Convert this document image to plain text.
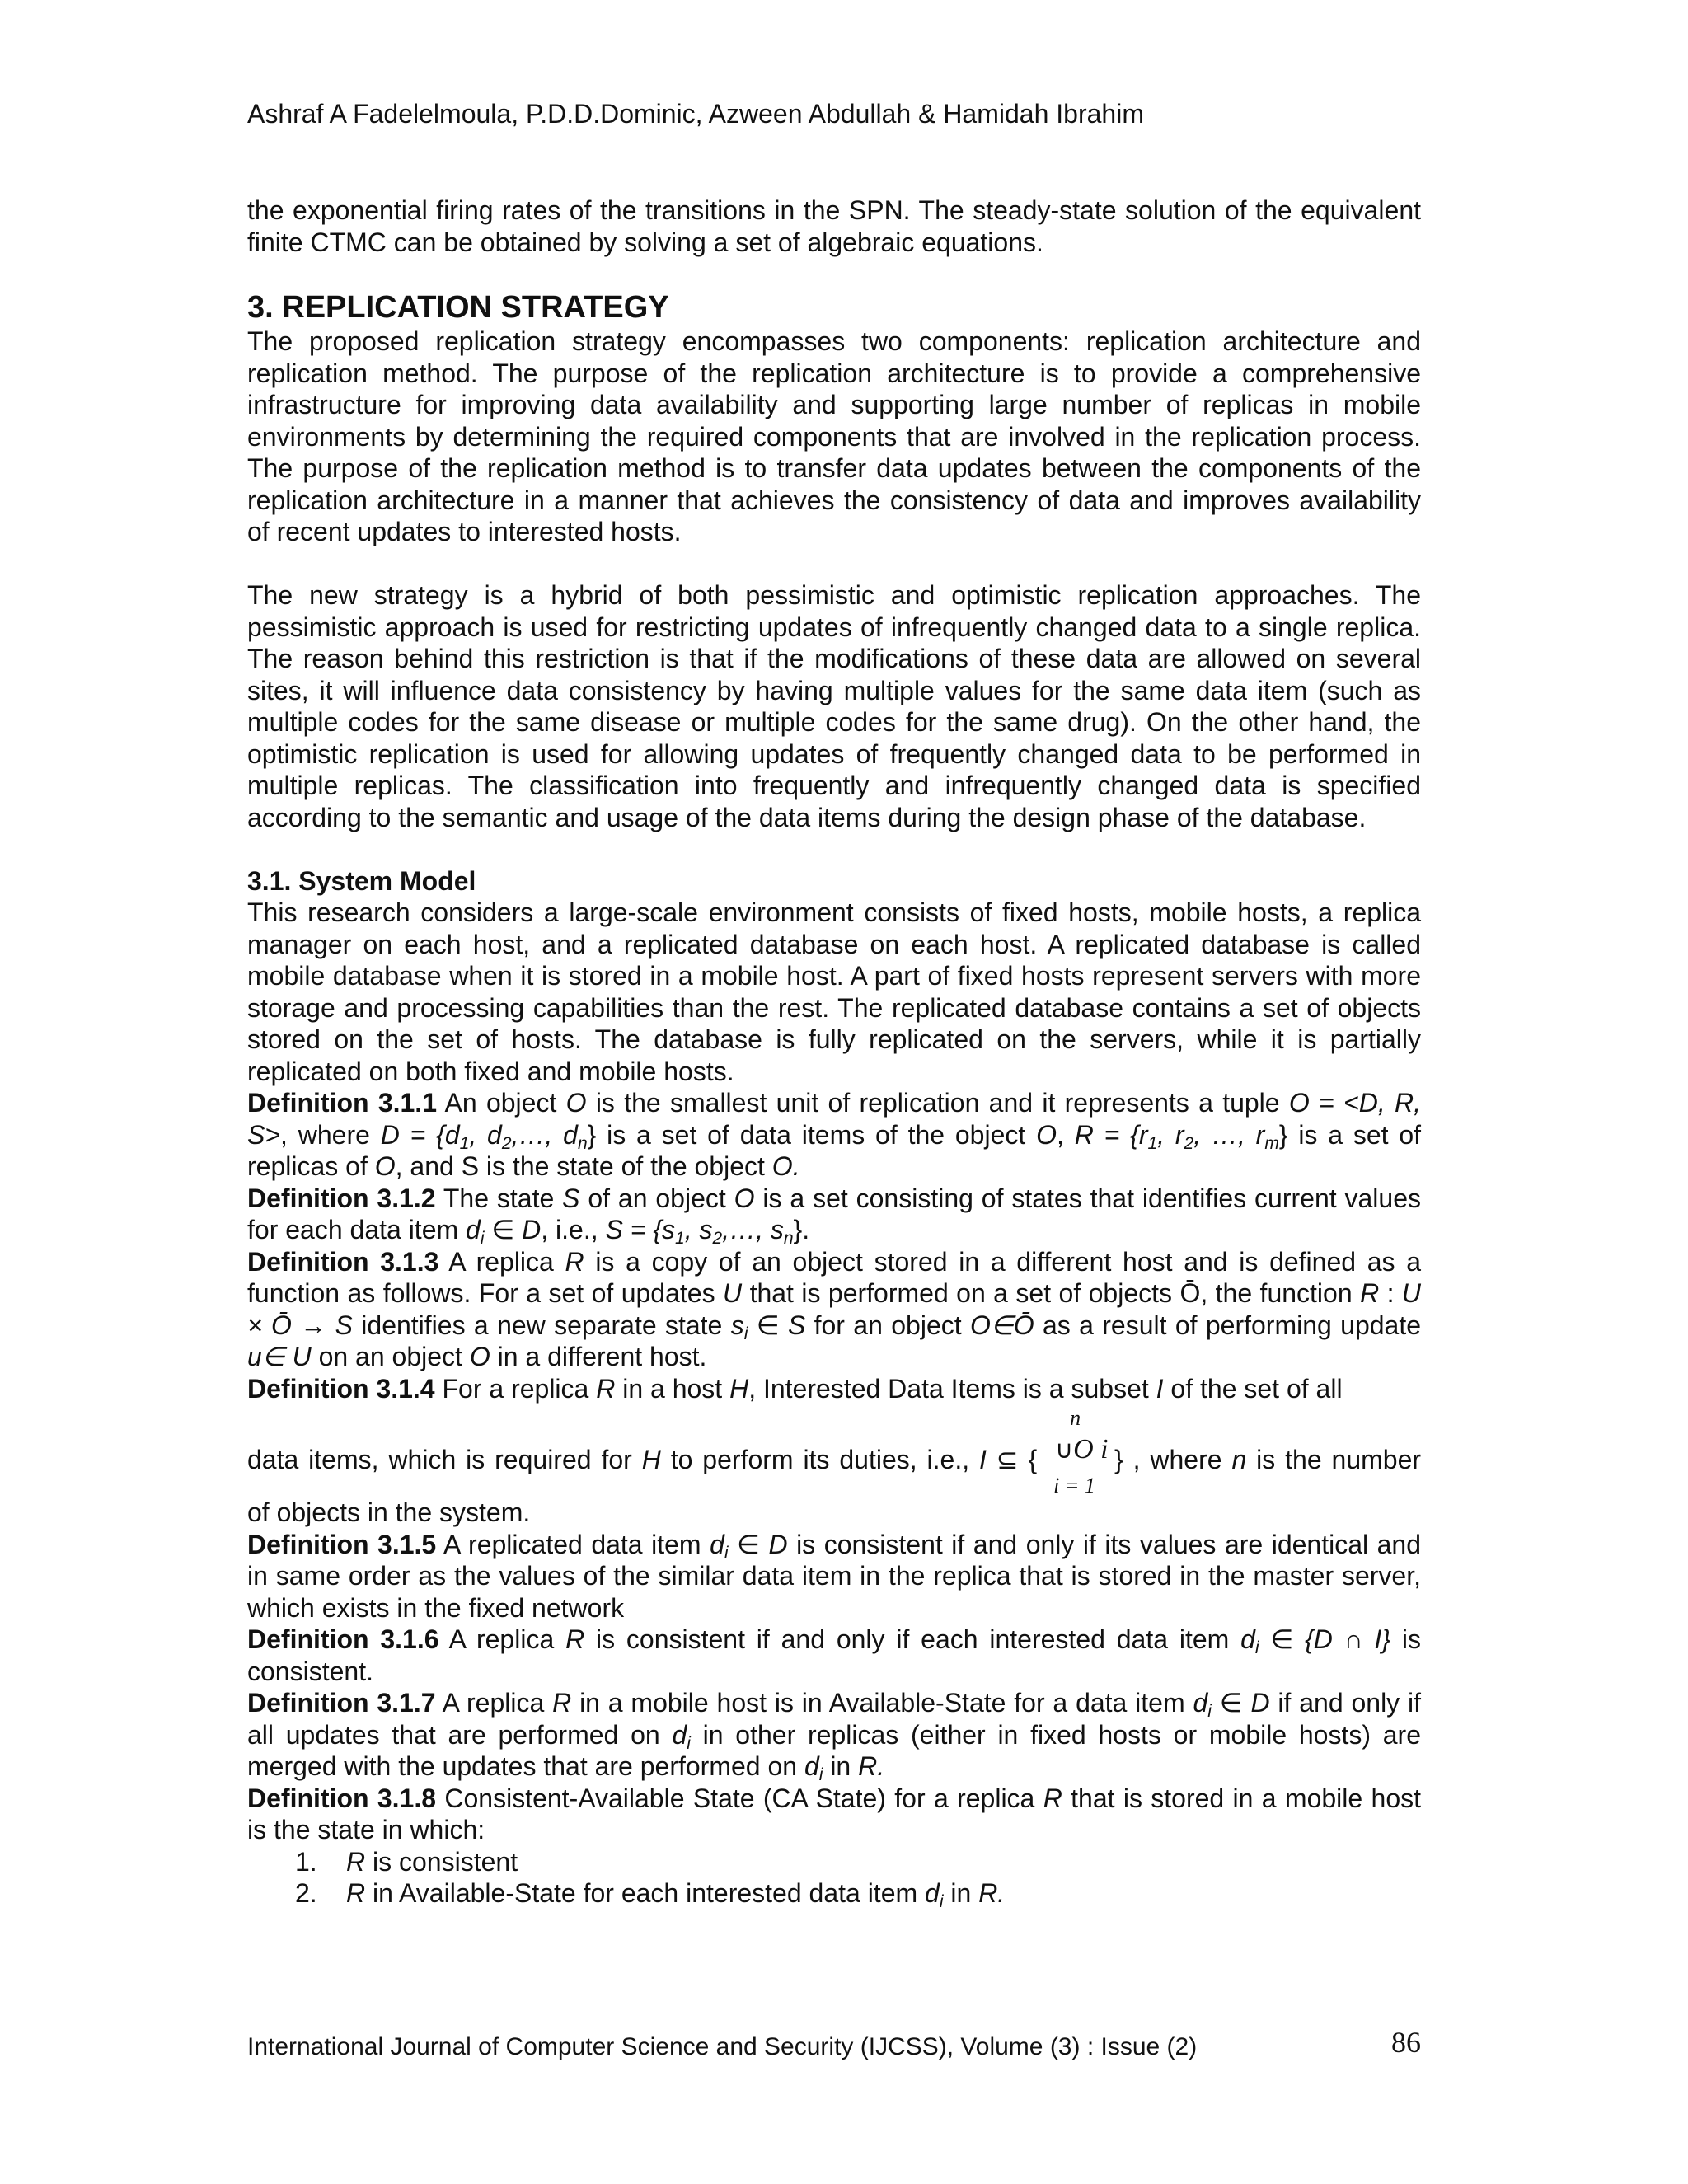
Ashraf A Fadelelmoula, P.D.D.Dominic, Azween Abdullah & Hamidah Ibrahim

the exponential firing rates of the transitions in the SPN. The steady-state solution of the equivalent finite CTMC can be obtained by solving a set of algebraic equations.

3. REPLICATION STRATEGY

The proposed replication strategy encompasses two components: replication architecture and replication method. The purpose of the replication architecture is to provide a comprehensive infrastructure for improving data availability and supporting large number of replicas in mobile environments by determining the required components that are involved in the replication process. The purpose of the replication method is to transfer data updates between the components of the replication architecture in a manner that achieves the consistency of data and improves availability of recent updates to interested hosts.

The new strategy is a hybrid of both pessimistic and optimistic replication approaches. The pessimistic approach is used for restricting updates of infrequently changed data to a single replica. The reason behind this restriction is that if the modifications of these data are allowed on several sites, it will influence data consistency by having multiple values for the same data item (such as multiple codes for the same disease or multiple codes for the same drug). On the other hand, the optimistic replication is used for allowing updates of frequently changed data to be performed in multiple replicas. The classification into frequently and infrequently changed data is specified according to the semantic and usage of the data items during the design phase of the database.

3.1. System Model

This research considers a large-scale environment consists of fixed hosts, mobile hosts, a replica manager on each host, and a replicated database on each host. A replicated database is called mobile database when it is stored in a mobile host. A part of fixed hosts represent servers with more storage and processing capabilities than the rest. The replicated database contains a set of objects stored on the set of hosts. The database is fully replicated on the servers, while it is partially replicated on both fixed and mobile hosts.

Definition 3.1.1 An object O is the smallest unit of replication and it represents a tuple O = <D, R, S>, where $D = \{d_1$, $d_2,\dots$, $d_n$} is a set of data items of the object O, $R = \{r_1$, $r_2$, …, $r_m$} is a set of replicas of O, and S is the state of the object O.

Definition 3.1.2 The state S of an object O is a set consisting of states that identifies current values for each data item $d_i$ ∈ D, i.e., $S = \{s_1$, $s_2,\dots$, $s_n$}.

Definition 3.1.3 A replica R is a copy of an object stored in a different host and is defined as a function as follows. For a set of updates U that is performed on a set of objects Ō, the function R : U × Ō → S identifies a new separate state $s_i$ ∈ S for an object O∈Ō as a result of performing update u∈ U on an object O in a different host.

Definition 3.1.4 For a replica R in a host H, Interested Data Items is a subset I of the set of all

data items, which is required for H to perform its duties, i.e., I ⊆ {
n
∪O i
i = 1
} , where n is the number

of objects in the system.

Definition 3.1.5 A replicated data item $d_i$ ∈ D is consistent if and only if its values are identical and in same order as the values of the similar data item in the replica that is stored in the master server, which exists in the fixed network

Definition 3.1.6 A replica R is consistent if and only if each interested data item $d_i$ ∈ {D ∩ I} is consistent.

Definition 3.1.7 A replica R in a mobile host is in Available-State for a data item $d_i$ ∈ D if and only if all updates that are performed on $d_i$ in other replicas (either in fixed hosts or mobile hosts) are merged with the updates that are performed on $d_i$ in R.

Definition 3.1.8 Consistent-Available State (CA State) for a replica R that is stored in a mobile host is the state in which:

1. R is consistent
2. R in Available-State for each interested data item $d_i$ in R.
International Journal of Computer Science and Security (IJCSS), Volume (3) : Issue (2)	86
